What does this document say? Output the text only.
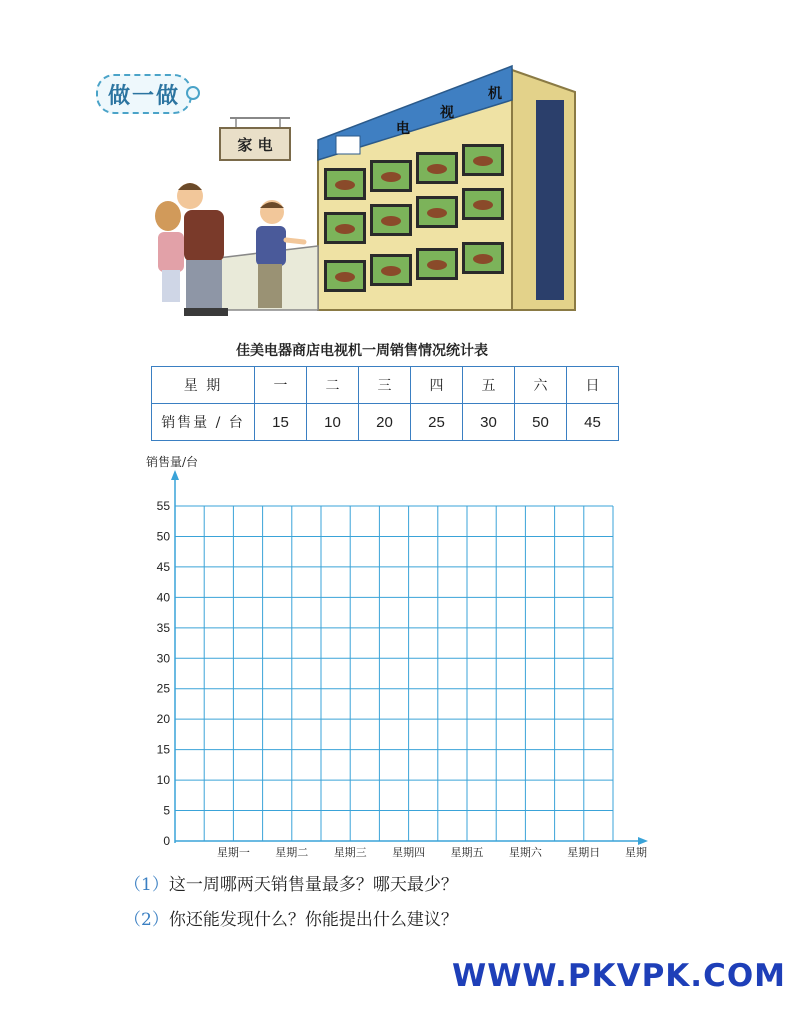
做一做
家 电
电
视
机
佳美电器商店电视机一周销售情况统计表
星 期	一	二	三	四	五	六	日
销售量 / 台	15	10	20	25	30	50	45
销售量/台
0
5
10
15
20
25
30
35
40
45
50
55
星期一 星期二 星期三 星期四 星期五 星期六 星期日 星期
（1）这一周哪两天销售量最多？哪天最少？
（2）你还能发现什么？你能提出什么建议？
WWW.PKVPK.COM
